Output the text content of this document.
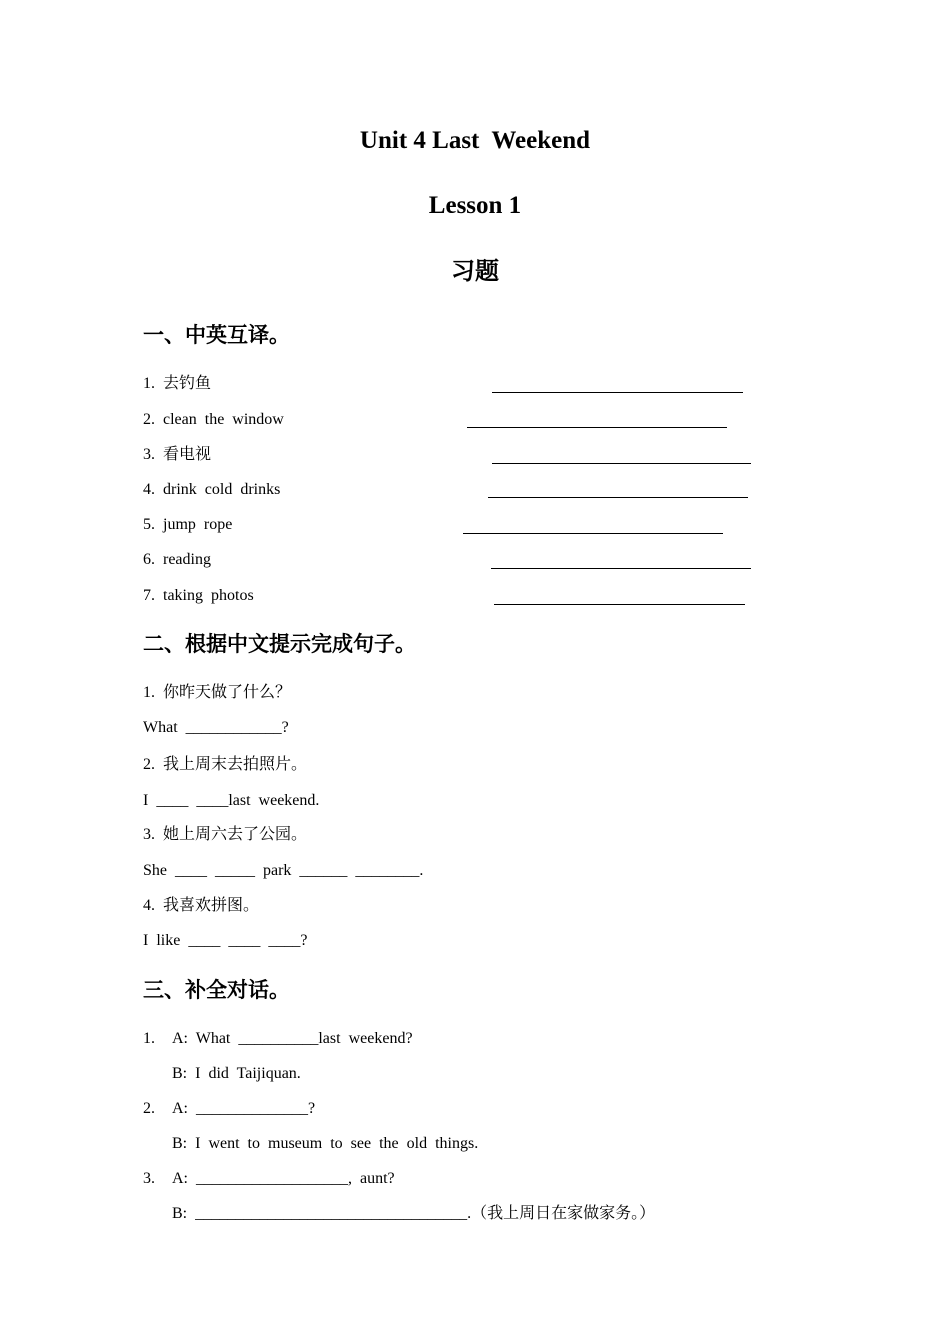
Unit 4 Last  Weekend
Lesson 1
习题
一、中英互译。
1.  去钓鱼
2.  clean  the  window
3.  看电视
4.  drink  cold  drinks
5.  jump  rope
6.  reading
7.  taking  photos
二、根据中文提示完成句子。
1.  你昨天做了什么？
What  ____________?
2.  我上周末去拍照片。
I  ____  ____last  weekend.
3.  她上周六去了公园。
She  ____  _____  park  ______  ________.
4.  我喜欢拼图。
I  like  ____  ____  ____?
三、补全对话。
1. A:  What  __________last  weekend?
B:  I  did  Taijiquan.
2. A:  ______________?
B:  I  went  to  museum  to  see  the  old  things.
3. A:  ___________________,  aunt?
B:  __________________________________.（我上周日在家做家务。）
